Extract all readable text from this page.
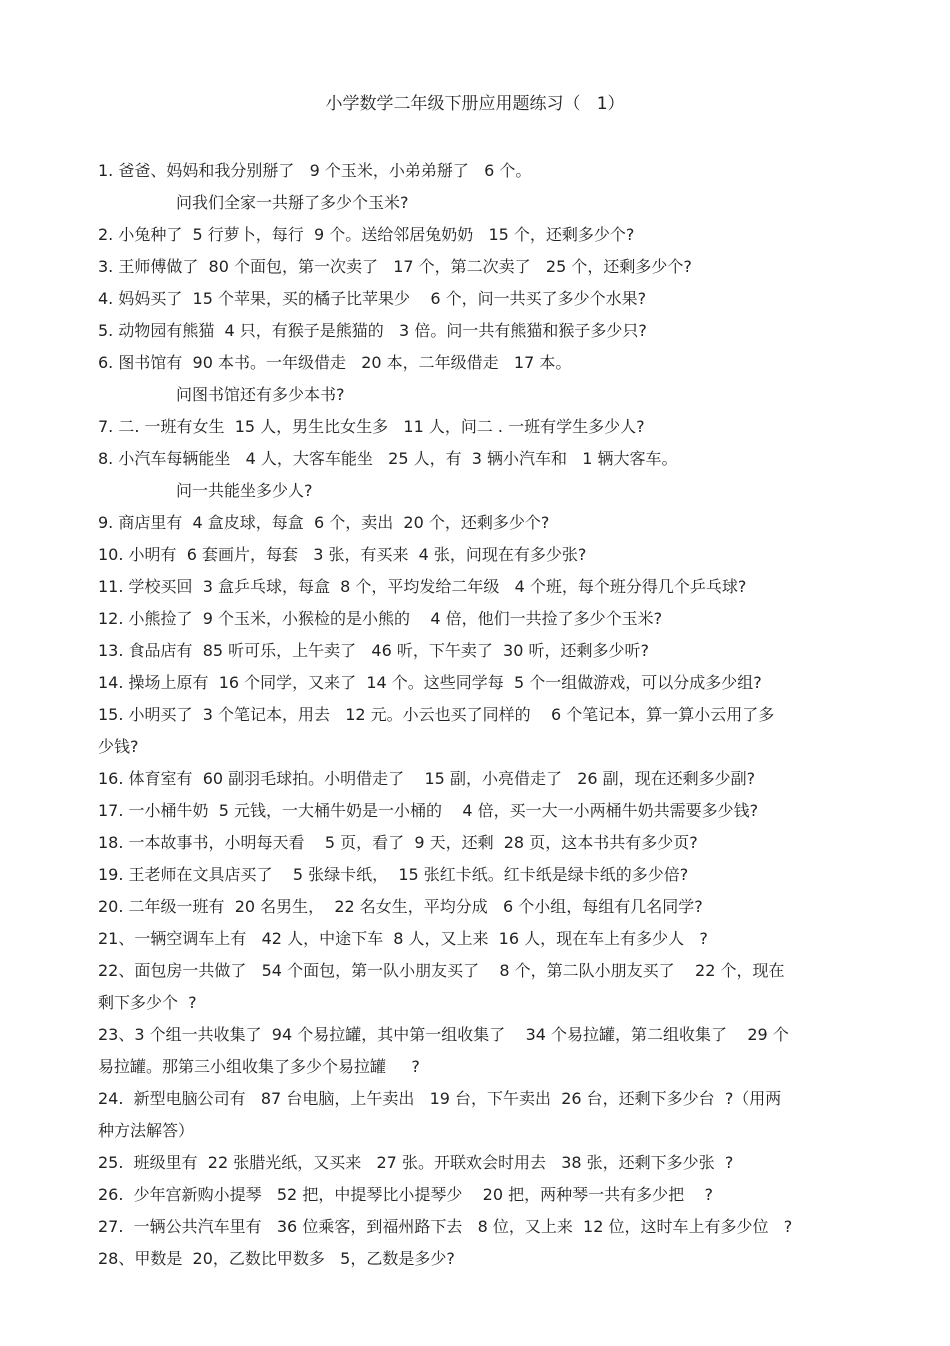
小学数学二年级下册应用题练习（   1）
1. 爸爸、妈妈和我分别掰了   9 个玉米，小弟弟掰了   6 个。
问我们全家一共掰了多少个玉米?
2. 小兔种了  5 行萝卜，每行  9 个。送给邻居兔奶奶   15 个，还剩多少个?
3. 王师傅做了  80 个面包，第一次卖了   17 个，第二次卖了   25 个，还剩多少个?
4. 妈妈买了  15 个苹果，买的橘子比苹果少    6 个，问一共买了多少个水果?
5. 动物园有熊猫  4 只，有猴子是熊猫的   3 倍。问一共有熊猫和猴子多少只?
6. 图书馆有  90 本书。一年级借走   20 本，二年级借走   17 本。
问图书馆还有多少本书?
7. 二. 一班有女生  15 人，男生比女生多   11 人，问二 . 一班有学生多少人?
8. 小汽车每辆能坐   4 人，大客车能坐   25 人，有  3 辆小汽车和   1 辆大客车。
问一共能坐多少人?
9. 商店里有  4 盒皮球，每盒  6 个，卖出  20 个，还剩多少个?
10. 小明有  6 套画片，每套   3 张，有买来  4 张，问现在有多少张?
11. 学校买回  3 盒乒乓球，每盒  8 个，平均发给二年级   4 个班，每个班分得几个乒乓球?
12. 小熊捡了  9 个玉米，小猴检的是小熊的    4 倍，他们一共捡了多少个玉米?
13. 食品店有  85 听可乐，上午卖了   46 听，下午卖了  30 听，还剩多少听?
14. 操场上原有  16 个同学，又来了  14 个。这些同学每  5 个一组做游戏，可以分成多少组?
15. 小明买了  3 个笔记本，用去   12 元。小云也买了同样的    6 个笔记本，算一算小云用了多
少钱?
16. 体育室有  60 副羽毛球拍。小明借走了    15 副，小亮借走了   26 副，现在还剩多少副?
17. 一小桶牛奶  5 元钱，一大桶牛奶是一小桶的    4 倍，买一大一小两桶牛奶共需要多少钱?
18. 一本故事书，小明每天看    5 页，看了  9 天，还剩  28 页，这本书共有多少页?
19. 王老师在文具店买了    5 张绿卡纸，  15 张红卡纸。红卡纸是绿卡纸的多少倍?
20. 二年级一班有  20 名男生，  22 名女生，平均分成   6 个小组，每组有几名同学?
21、一辆空调车上有   42 人，中途下车  8 人，又上来  16 人，现在车上有多少人   ?
22、面包房一共做了   54 个面包，第一队小朋友买了    8 个，第二队小朋友买了    22 个，现在
剩下多少个  ?
23、3 个组一共收集了  94 个易拉罐，其中第一组收集了    34 个易拉罐，第二组收集了    29 个
易拉罐。那第三小组收集了多少个易拉罐     ?
24.  新型电脑公司有   87 台电脑，上午卖出   19 台，下午卖出  26 台，还剩下多少台  ?（用两
种方法解答）
25.  班级里有  22 张腊光纸，又买来   27 张。开联欢会时用去   38 张，还剩下多少张  ?
26.  少年宫新购小提琴   52 把，中提琴比小提琴少    20 把，两种琴一共有多少把    ?
27.  一辆公共汽车里有   36 位乘客，到福州路下去   8 位，又上来  12 位，这时车上有多少位   ?
28、甲数是  20，乙数比甲数多   5，乙数是多少?
